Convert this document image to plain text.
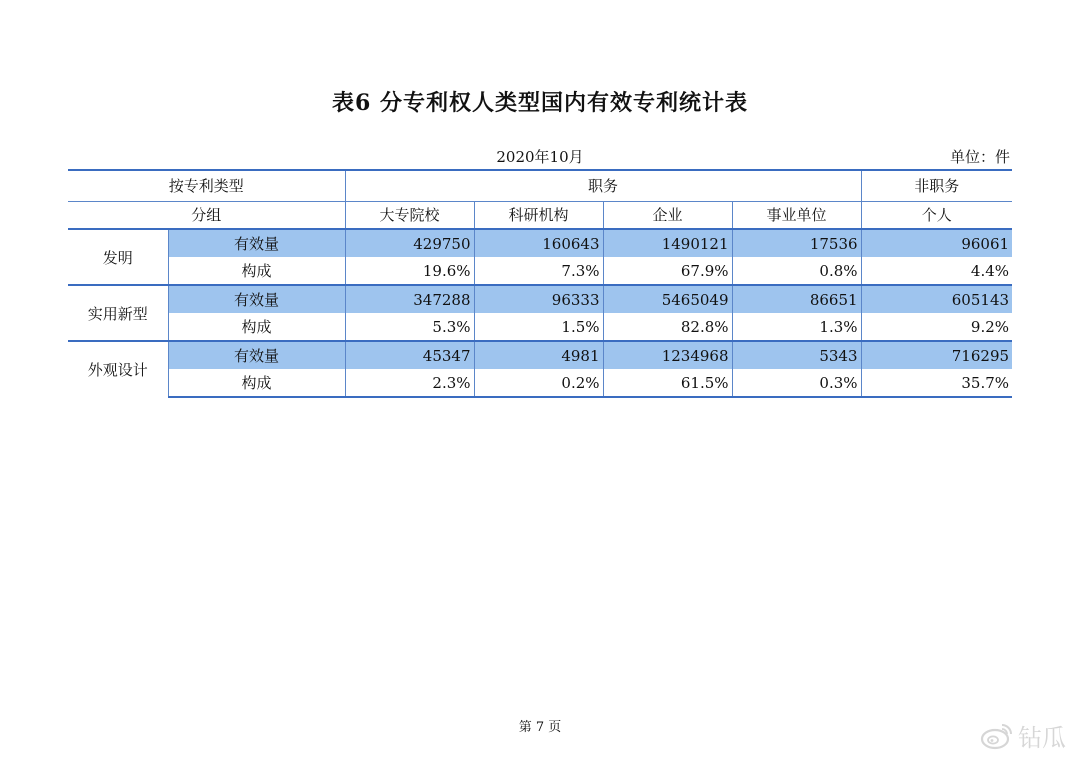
表6 分专利权人类型国内有效专利统计表
2020年10月	单位：件
按专利类型		职务				非职务
分组		大专院校	科研机构	企业	事业单位	个人
发明	有效量	429750	160643	1490121	17536	96061
	构成	19.6%	7.3%	67.9%	0.8%	4.4%
实用新型	有效量	347288	96333	5465049	86651	605143
	构成	5.3%	1.5%	82.8%	1.3%	9.2%
外观设计	有效量	45347	4981	1234968	5343	716295
	构成	2.3%	0.2%	61.5%	0.3%	35.7%
第 7 页	钻瓜
